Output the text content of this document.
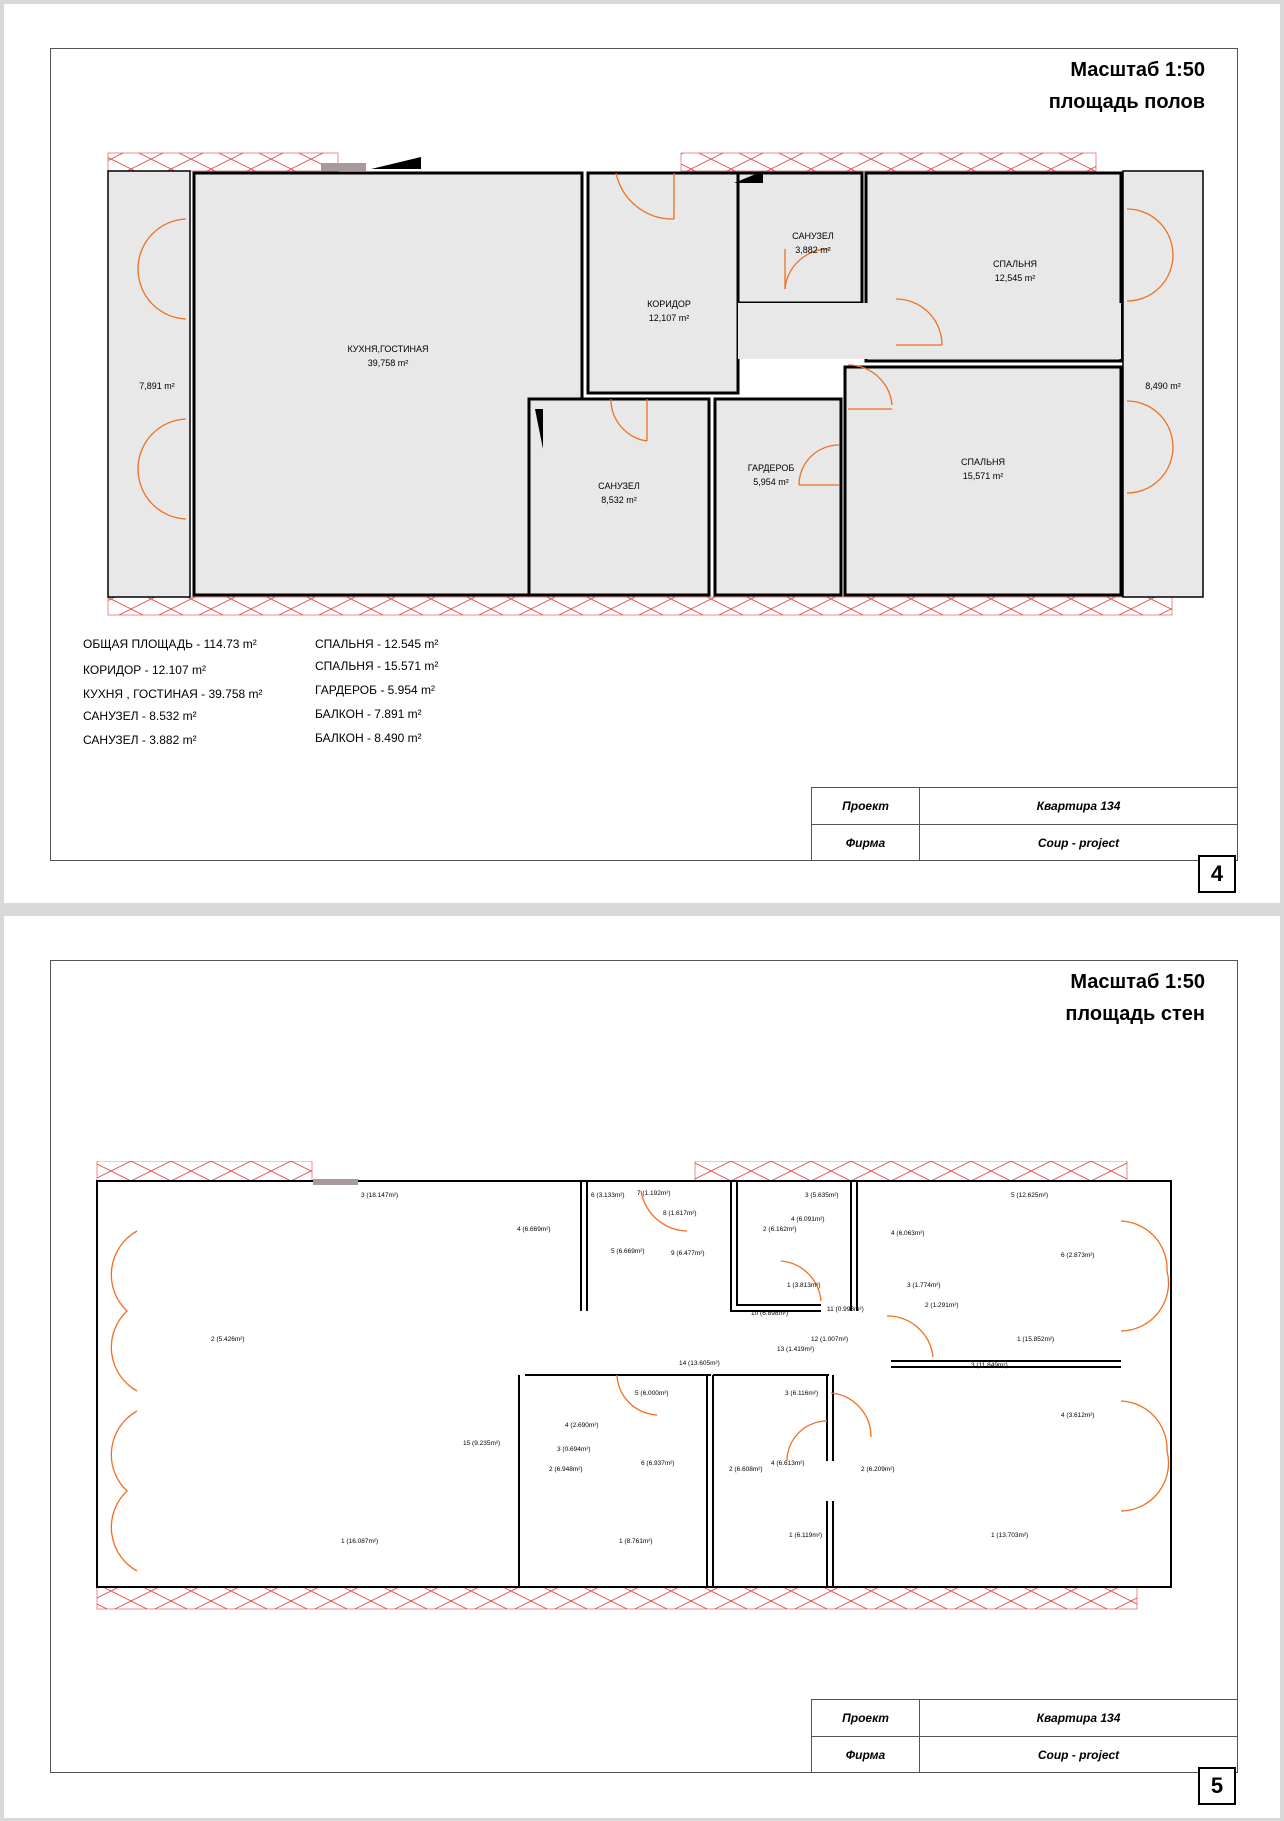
Масштаб 1:50
площадь полов
КУХНЯ,ГОСТИНАЯ
39,758 m²
КОРИДОР
12,107 m²
САНУЗЕЛ
3,882 m²
СПАЛЬНЯ
12,545 m²
САНУЗЕЛ
8,532 m²
ГАРДЕРОБ
5,954 m²
СПАЛЬНЯ
15,571 m²
7,891 m²	8,490 m²
ОБЩАЯ ПЛОЩАДЬ - 114.73 m²
КОРИДОР - 12.107 m²
КУХНЯ , ГОСТИНАЯ - 39.758 m²
САНУЗЕЛ - 8.532 m²
САНУЗЕЛ - 3.882 m²
СПАЛЬНЯ - 12.545 m²
СПАЛЬНЯ - 15.571 m²
ГАРДЕРОБ - 5.954 m²
БАЛКОН - 7.891 m²
БАЛКОН - 8.490 m²
Проект	Квартира 134
Фирма	Coup - project
4
Масштаб 1:50
площадь стен
3 (18.147m²)	6 (3.133m²) 7 (1.192m²)
8 (1.617m²)
3 (5.635m²)	5 (12.625m²)
4 (6.669m²)
5 (6.669m²)
2 (6.162m²)
4 (6.091m²)
4 (6.063m²)
9 (6.477m²)	6 (2.873m²)
1 (3.813m²)	3 (1.774m²)
10 (6.898m²)
11 (0.993m²)
2 (1.291m²)
2 (5.426m²)	12 (1.007m²)	1 (15.852m²)
13 (1.419m²)
3 (11.849m²)
14 (13.605m²)
5 (6.000m²)	3 (6.116m²)
4 (2.690m²)
4 (3.612m²)
15 (9.235m²)
3 (0.694m²)
2 (6.948m²)
6 (6.937m²)
2 (6.608m²)
4 (6.613m²)
2 (6.209m²)
1 (16.087m²)	1 (8.761m²)
1 (6.119m²)	1 (13.703m²)
Проект	Квартира 134
Фирма	Coup - project
5
